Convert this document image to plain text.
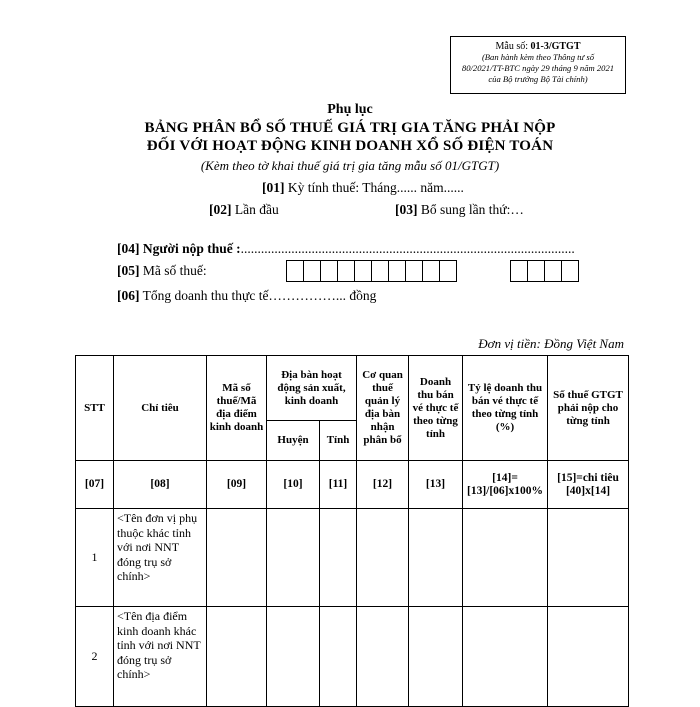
Mẫu số: 01-3/GTGT
(Ban hành kèm theo Thông tư số
80/2021/TT-BTC ngày 29 tháng 9 năm 2021
của Bộ trưởng Bộ Tài chính)
Phụ lục
BẢNG PHÂN BỔ SỐ THUẾ GIÁ TRỊ GIA TĂNG PHẢI NỘP
ĐỐI VỚI HOẠT ĐỘNG KINH DOANH XỔ SỐ ĐIỆN TOÁN
(Kèm theo tờ khai thuế giá trị gia tăng mẫu số 01/GTGT)
[01] Kỳ tính thuế: Tháng...... năm......
[02] Lần đầu	[03] Bổ sung lần thứ:…
[04] Người nộp thuế :...................................................................................................
[05] Mã số thuế:
[06] Tổng doanh thu thực tế……………... đồng
Đơn vị tiền: Đồng Việt Nam
STT	Chỉ tiêu	Mã số thuế/Mã địa điểm kinh doanh	Địa bàn hoạt động sản xuất, kinh doanh		Cơ quan thuế quản lý địa bàn nhận phân bổ	Doanh thu bán vé thực tế theo từng tỉnh	Tỷ lệ doanh thu bán vé thực tế theo từng tỉnh (%)	Số thuế GTGT phải nộp cho từng tỉnh
			Huyện	Tỉnh				
[07]	[08]	[09]	[10]	[11]	[12]	[13]	[14]=[13]/[06]x100%	[15]=chi tiêu [40]x[14]
1	<Tên đơn vị phụ thuộc khác tỉnh với nơi NNT đóng trụ sở chính>							
2	<Tên địa điểm kinh doanh khác tỉnh với nơi NNT đóng trụ sở chính>							
